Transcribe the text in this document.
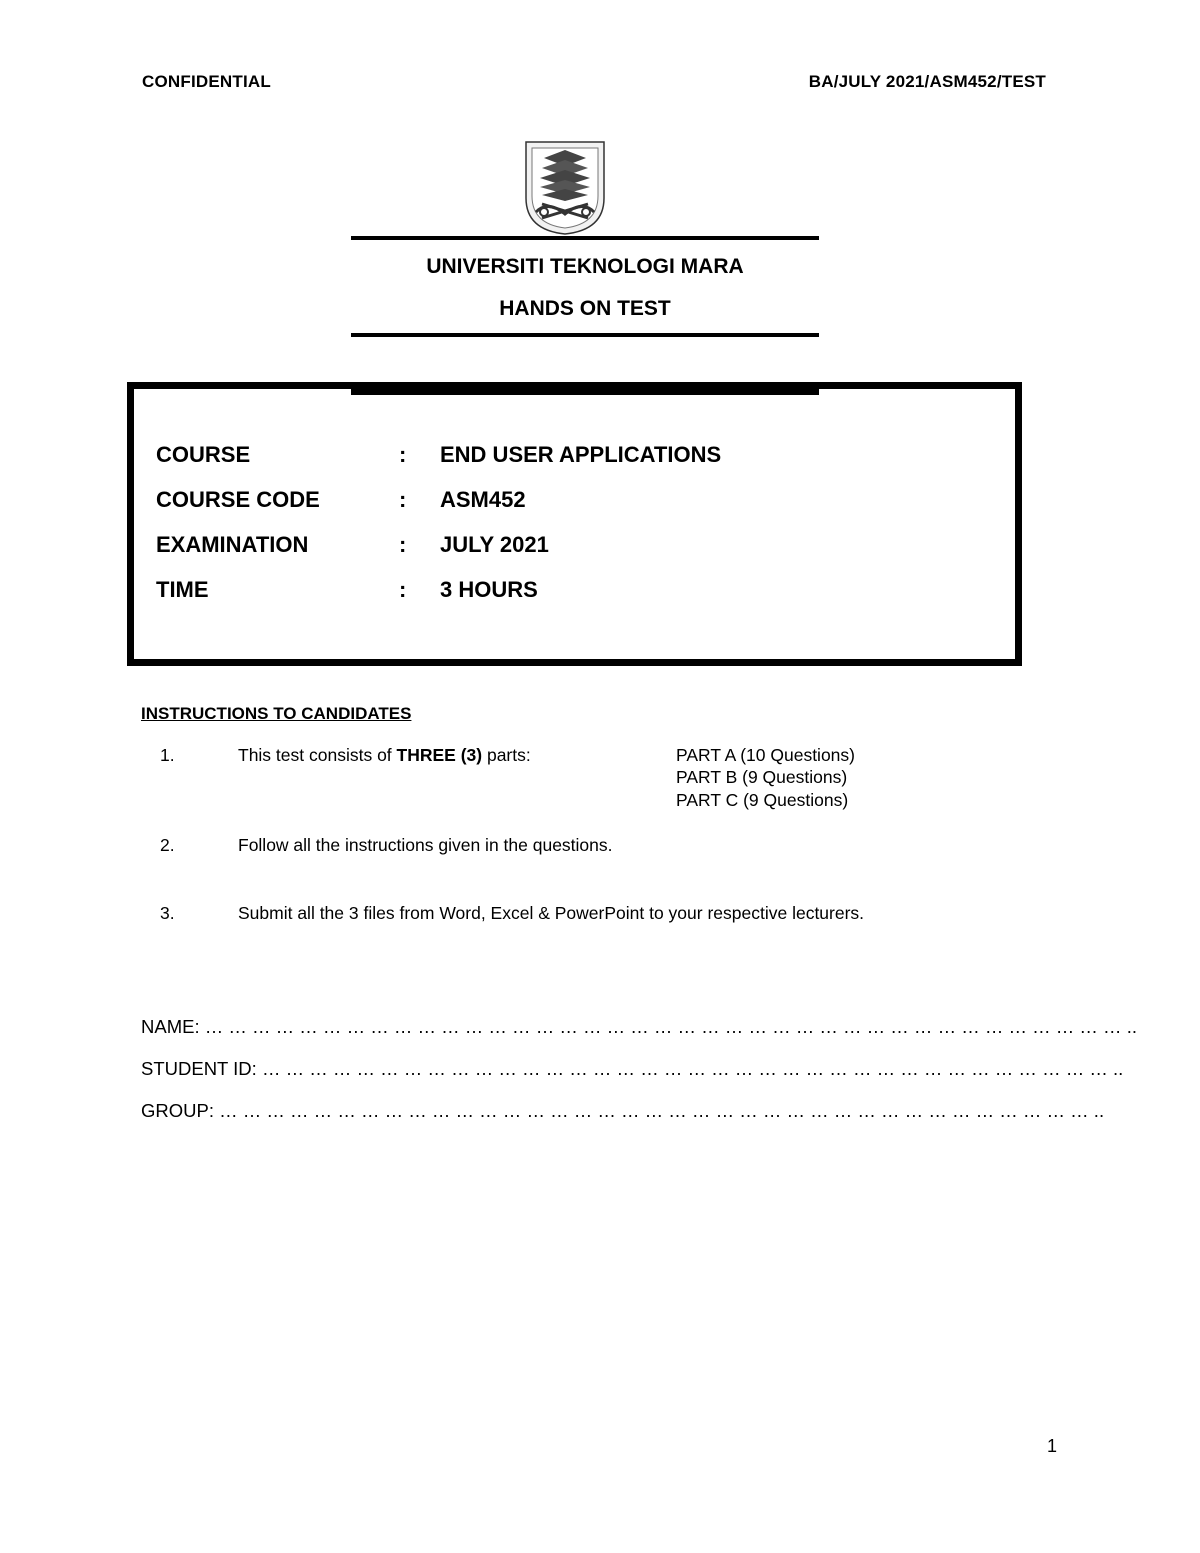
CONFIDENTIAL	BA/JULY 2021/ASM452/TEST
UNIVERSITI TEKNOLOGI MARA
HANDS ON TEST
COURSE	: END USER APPLICATIONS
COURSE CODE	: ASM452
EXAMINATION	: JULY 2021
TIME	: 3 HOURS
INSTRUCTIONS TO CANDIDATES
1.	This test consists of THREE (3) parts:	PART A (10 Questions)
PART B (9 Questions)
PART C (9 Questions)
2.	Follow all the instructions given in the questions.
3.	Submit all the 3 files from Word, Excel & PowerPoint to your respective lecturers.
NAME: … … … … … … … … … … … … … … … … … … … … … … … … … … … … … … … … … … … … … … … ..
STUDENT ID: … … … … … … … … … … … … … … … … … … … … … … … … … … … … … … … … … … … … ..
GROUP: … … … … … … … … … … … … … … … … … … … … … … … … … … … … … … … … … … … … … ..
1
